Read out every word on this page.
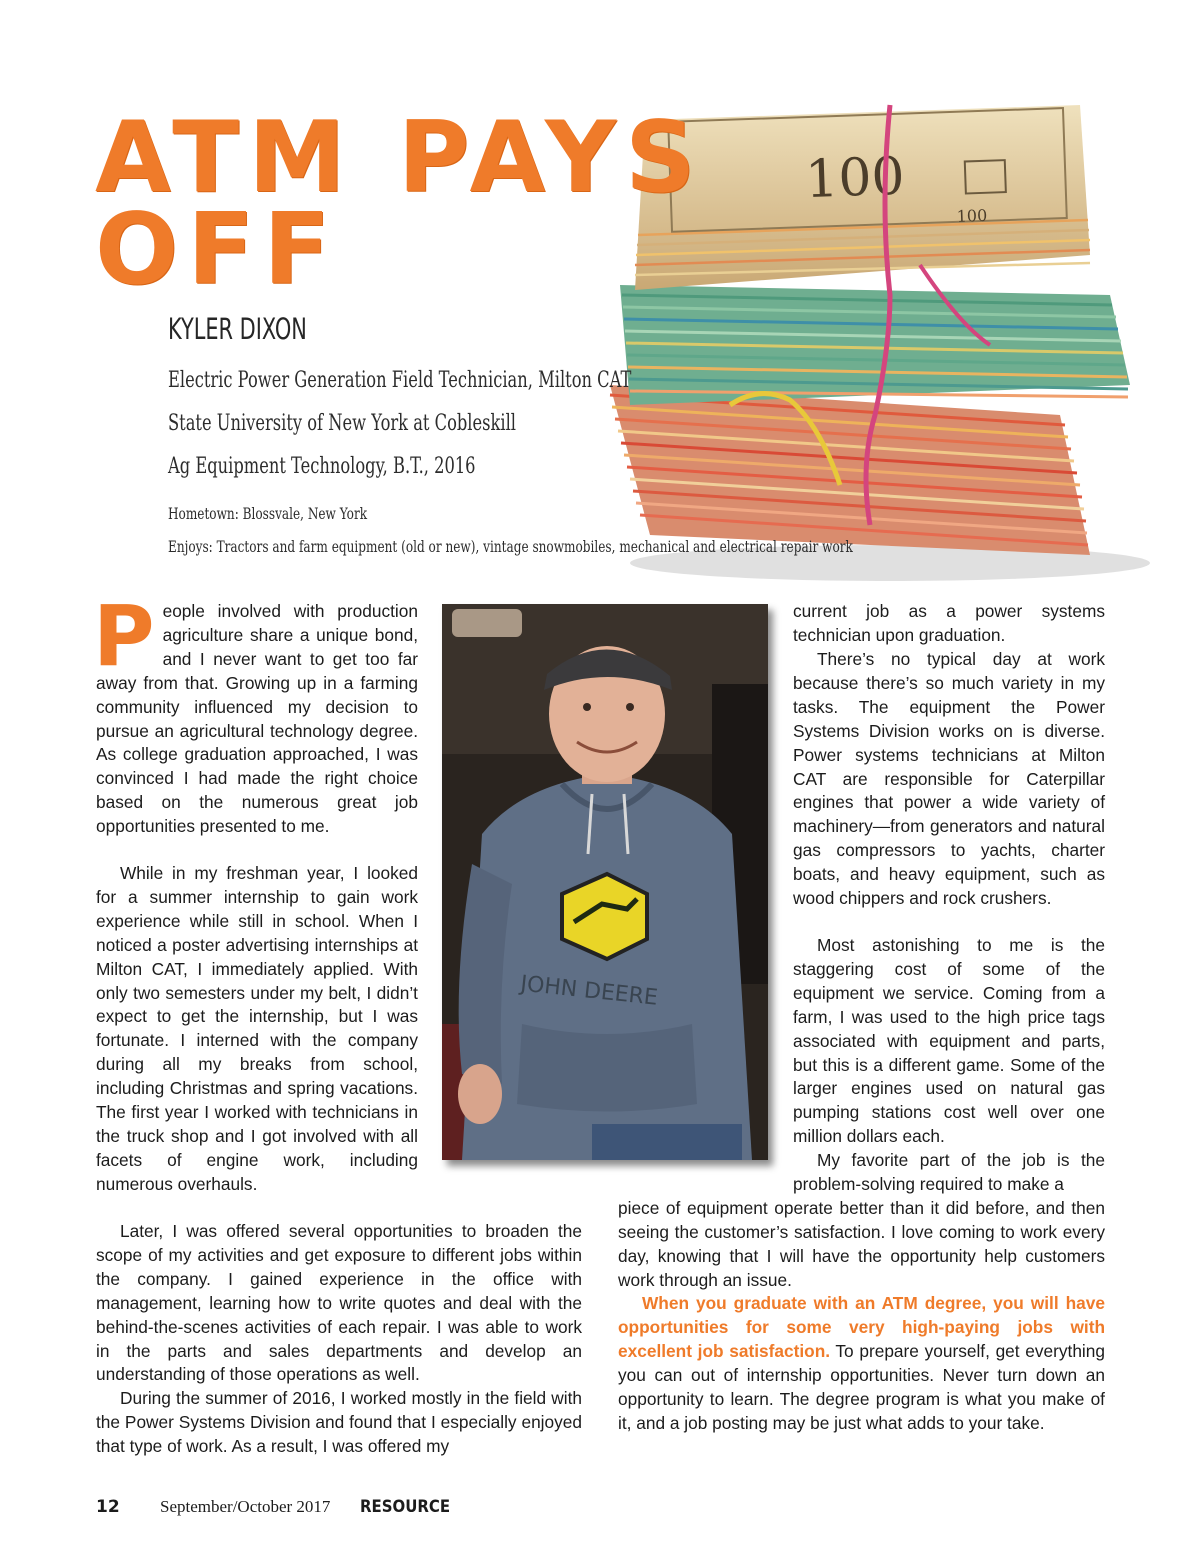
100
100
ATM PAYS
OFF
KYLER DIXON

Electric Power Generation Field Technician, Milton CAT

State University of New York at Cobleskill

Ag Equipment Technology, B.T., 2016

Hometown: Blossvale, New York

Enjoys: Tractors and farm equipment (old or new), vintage snowmobiles, mechanical and electrical repair work

JOHN DEERE
P eople involved with production agriculture share a unique bond, and I never want to get too far away from that. Growing up in a farming community influenced my decision to pursue an agricultural technology degree. As college graduation approached, I was convinced I had made the right choice based on the numerous great job opportunities presented to me.

While in my freshman year, I looked for a summer internship to gain work experience while still in school. When I noticed a poster advertising internships at Milton CAT, I immediately applied. With only two semesters under my belt, I didn’t expect to get the internship, but I was fortunate. I interned with the company during all my breaks from school, including Christmas and spring vacations. The first year I worked with technicians in the truck shop and I got involved with all facets of engine work, including numerous overhauls.

Later, I was offered several opportunities to broaden the scope of my activities and get exposure to different jobs within the company. I gained experience in the office with management, learning how to write quotes and deal with the behind-the-scenes activities of each repair. I was able to work in the parts and sales departments and develop an understanding of those operations as well.

During the summer of 2016, I worked mostly in the field with the Power Systems Division and found that I especially enjoyed that type of work. As a result, I was offered my

current job as a power systems technician upon graduation.

There’s no typical day at work because there’s so much variety in my tasks. The equipment the Power Systems Division works on is diverse. Power systems technicians at Milton CAT are responsible for Caterpillar engines that power a wide variety of machinery—from generators and natural gas compressors to yachts, charter boats, and heavy equipment, such as wood chippers and rock crushers.

Most astonishing to me is the staggering cost of some of the equipment we service. Coming from a farm, I was used to the high price tags associated with equipment and parts, but this is a different game. Some of the larger engines used on natural gas pumping stations cost well over one million dollars each.

My favorite part of the job is the problem-solving required to make a

piece of equipment operate better than it did before, and then seeing the customer’s satisfaction. I love coming to work every day, knowing that I will have the opportunity help customers work through an issue.

When you graduate with an ATM degree, you will have opportunities for some very high-paying jobs with excellent job satisfaction. To prepare yourself, get everything you can out of internship opportunities. Never turn down an opportunity to learn. The degree program is what you make of it, and a job posting may be just what adds to your take.

12 September/October 2017 RESOURCE
